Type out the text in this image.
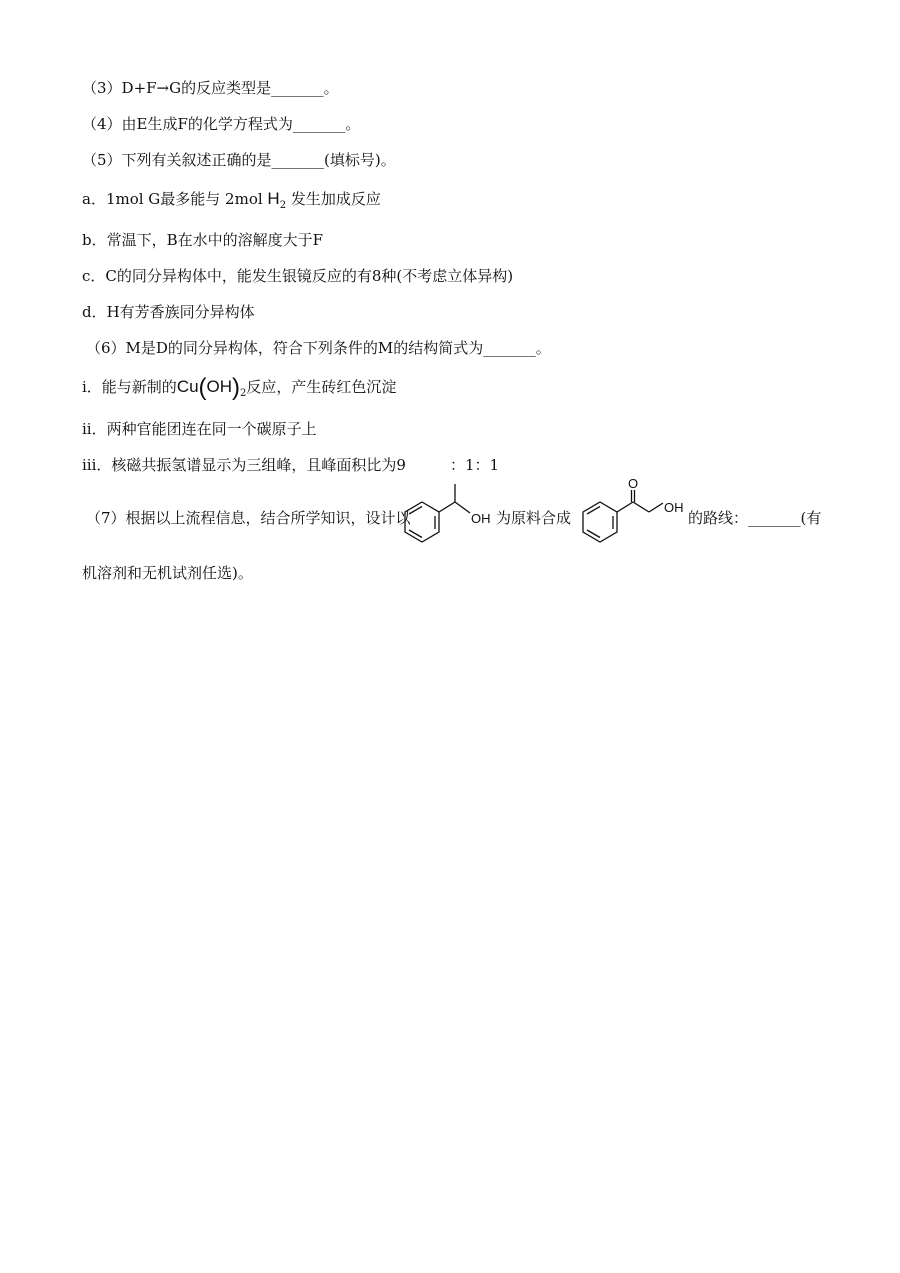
（3）D+F→G的反应类型是_______。
（4）由E生成F的化学方程式为_______。
（5）下列有关叙述正确的是_______(填标号)。
a．1mol G最多能与 2mol $H_2$ 发生加成反应
b．常温下，B在水中的溶解度大于F
c．C的同分异构体中，能发生银镜反应的有8种(不考虑立体异构)
d．H有芳香族同分异构体
（6）M是D的同分异构体，符合下列条件的M的结构简式为_______。
i．能与新制的$Cu(OH)_2$反应，产生砖红色沉淀
ii．两种官能团连在同一个碳原子上
iii．核磁共振氢谱显示为三组峰，且峰面积比为9	：1：1
（7）根据以上流程信息，结合所学知识，设计以	OH 为原料合成
O
OH
的路线：_______(有
机溶剂和无机试剂任选)。
